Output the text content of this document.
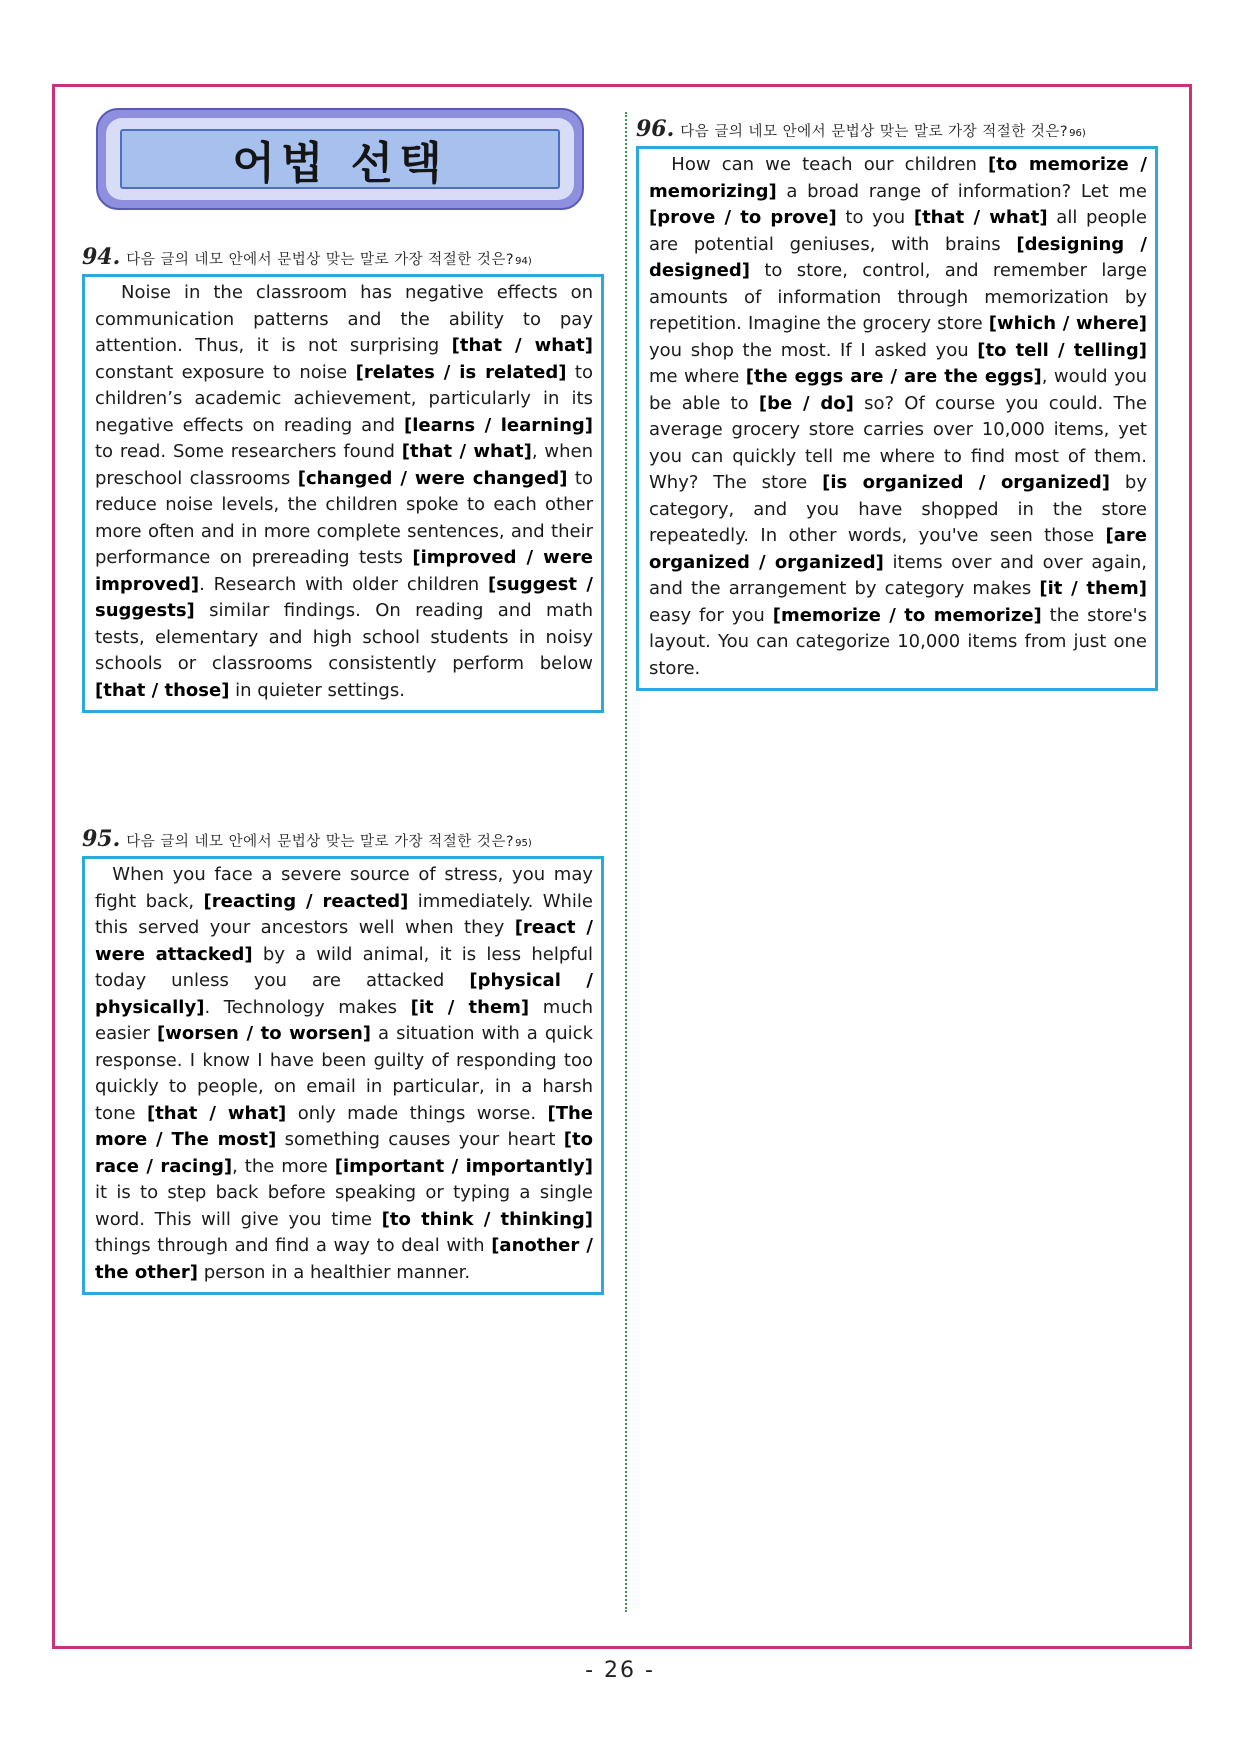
어법 선택
94. 다음 글의 네모 안에서 문법상 맞는 말로 가장 적절한 것은? 94)
Noise in the classroom has negative effects on communication patterns and the ability to pay attention. Thus, it is not surprising [that / what] constant exposure to noise [relates / is related] to children’s academic achievement, particularly in its negative effects on reading and [learns / learning] to read. Some researchers found [that / what], when preschool classrooms [changed / were changed] to reduce noise levels, the children spoke to each other more often and in more complete sentences, and their performance on prereading tests [improved / were improved]. Research with older children [suggest / suggests] similar findings. On reading and math tests, elementary and high school students in noisy schools or classrooms consistently perform below [that / those] in quieter settings.
95. 다음 글의 네모 안에서 문법상 맞는 말로 가장 적절한 것은? 95)
When you face a severe source of stress, you may fight back, [reacting / reacted] immediately. While this served your ancestors well when they [react / were attacked] by a wild animal, it is less helpful today unless you are attacked [physical / physically]. Technology makes [it / them] much easier [worsen / to worsen] a situation with a quick response. I know I have been guilty of responding too quickly to people, on email in particular, in a harsh tone [that / what] only made things worse. [The more / The most] something causes your heart [to race / racing], the more [important / importantly] it is to step back before speaking or typing a single word. This will give you time [to think / thinking] things through and find a way to deal with [another / the other] person in a healthier manner.
96. 다음 글의 네모 안에서 문법상 맞는 말로 가장 적절한 것은? 96)
How can we teach our children [to memorize / memorizing] a broad range of information? Let me [prove / to prove] to you [that / what] all people are potential geniuses, with brains [designing / designed] to store, control, and remember large amounts of information through memorization by repetition. Imagine the grocery store [which / where] you shop the most. If I asked you [to tell / telling] me where [the eggs are / are the eggs], would you be able to [be / do] so? Of course you could. The average grocery store carries over 10,000 items, yet you can quickly tell me where to find most of them. Why? The store [is organized / organized] by category, and you have shopped in the store repeatedly. In other words, you've seen those [are organized / organized] items over and over again, and the arrangement by category makes [it / them] easy for you [memorize / to memorize] the store's layout. You can categorize 10,000 items from just one store.
- 26 -
